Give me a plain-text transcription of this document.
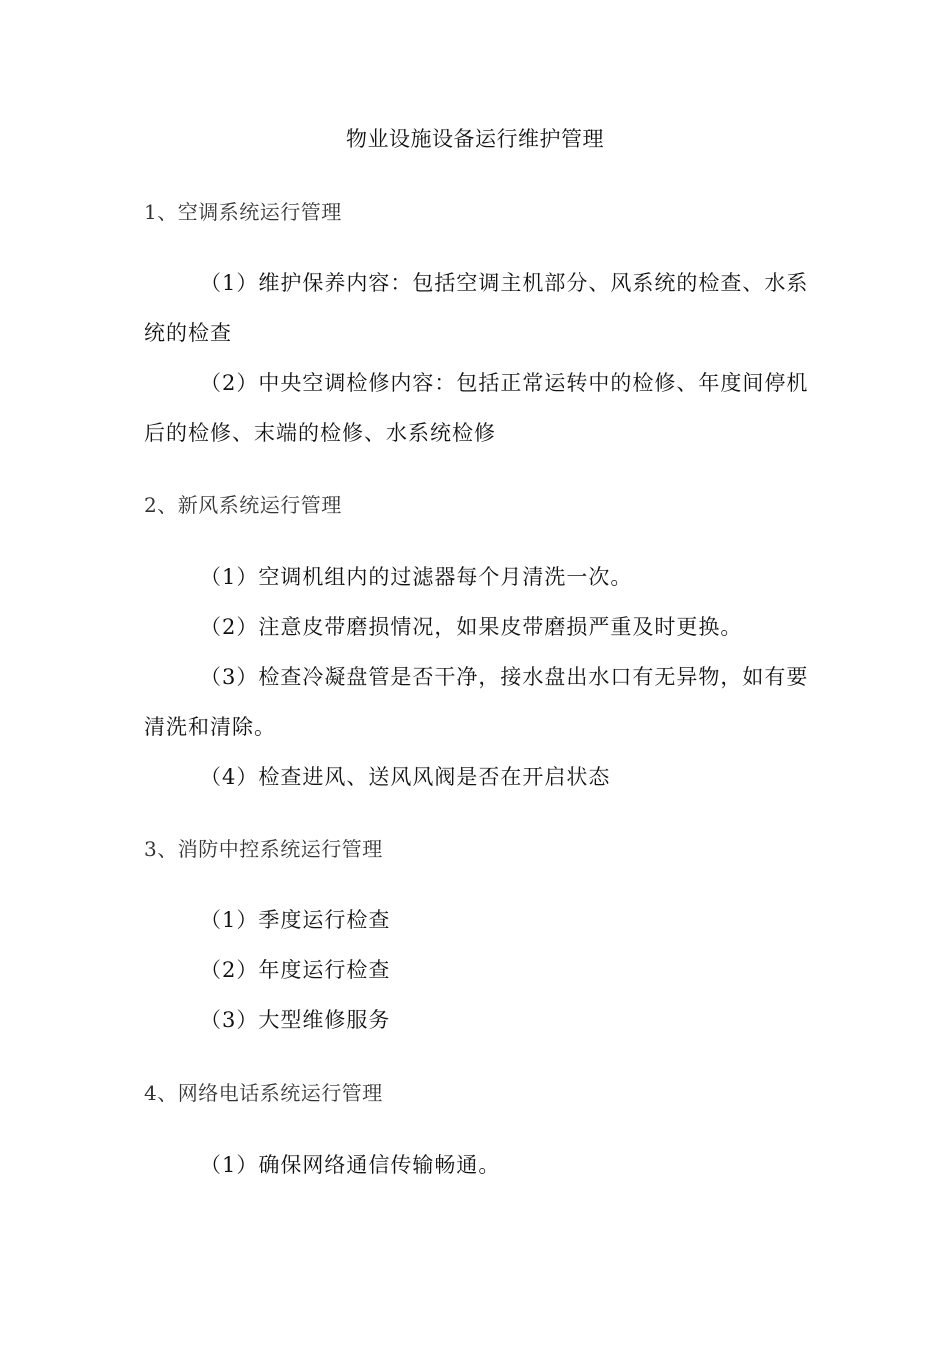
物业设施设备运行维护管理
1、空调系统运行管理
（1）维护保养内容：包括空调主机部分、风系统的检查、水系统的检查
（2）中央空调检修内容：包括正常运转中的检修、年度间停机后的检修、末端的检修、水系统检修
2、新风系统运行管理
（1）空调机组内的过滤器每个月清洗一次。
（2）注意皮带磨损情况，如果皮带磨损严重及时更换。
（3）检查冷凝盘管是否干净，接水盘出水口有无异物，如有要清洗和清除。
（4）检查进风、送风风阀是否在开启状态
3、消防中控系统运行管理
（1）季度运行检查
（2）年度运行检查
（3）大型维修服务
4、网络电话系统运行管理
（1）确保网络通信传输畅通。
